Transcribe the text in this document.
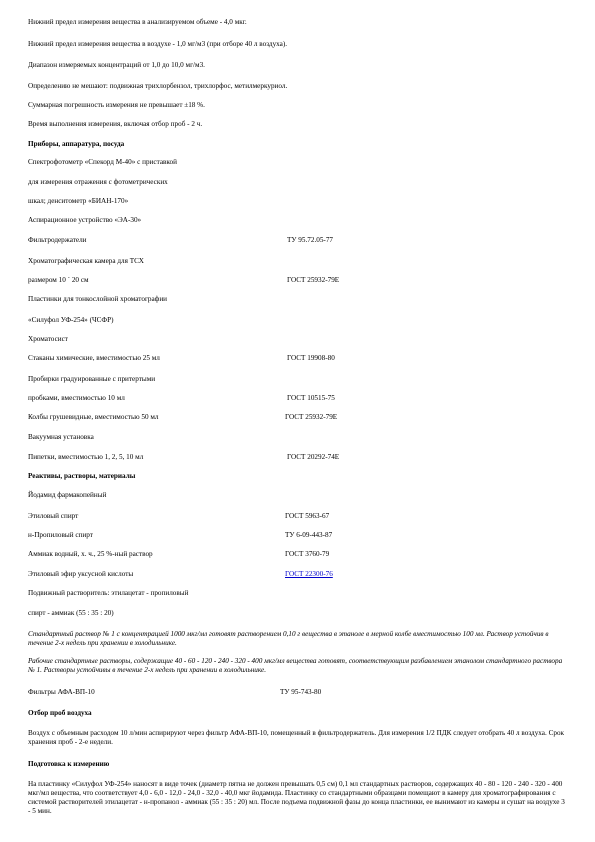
Нижний предел измерения вещества в анализируемом объеме - 4,0 мкг.
Нижний предел измерения вещества в воздухе - 1,0 мг/м3 (при отборе 40 л воздуха).
Диапазон измеряемых концентраций от 1,0 до 10,0 мг/м3.
Определению не мешают: подвижная трихлорбензол, трихлорфос, метилмеркуриол.
Суммарная погрешность измерения не превышает ±18 %.
Время выполнения измерения, включая отбор проб - 2 ч.
Приборы, аппаратура, посуда
Спектрофотометр «Спекорд М-40» с приставкой
для измерения отражения с фотометрических
шкал; денситометр «БИАН-170»
Аспирационное устройство «ЭА-30»
Фильтродержатели	ТУ 95.72.05-77
Хроматографическая камера для ТСХ
размером 10 ´ 20 см	ГОСТ 25932-79Е
Пластинки для тонкослойной хроматографии
«Силуфол УФ-254» (ЧСФР)
Хроматосист
Стаканы химические, вместимостью 25 мл	ГОСТ 19908-80
Пробирки градуированные с притертыми
пробками, вместимостью 10 мл	ГОСТ 10515-75
Колбы грушевидные, вместимостью 50 мл	ГОСТ 25932-79Е
Вакуумная установка
Пипетки, вместимостью 1, 2, 5, 10 мл	ГОСТ 20292-74Е
Реактивы, растворы, материалы
Йодамид фармакопейный
Этиловый спирт	ГОСТ 5963-67
н-Пропиловый спирт	ТУ 6-09-443-87
Аммиак водный, х. ч., 25 %-ный раствор	ГОСТ 3760-79
Этиловый эфир уксусной кислоты	ГОСТ 22300-76
Подвижный растворитель: этилацетат - пропиловый
спирт - аммиак (55 : 35 : 20)
Стандартный раствор № 1 с концентрацией 1000 мкг/мл готовят растворением 0,10 г вещества в этаноле в мерной колбе вместимостью 100 мл. Раствор устойчив в течение 2-х недель при хранении в холодильнике.
Рабочие стандартные растворы, содержащие 40 - 60 - 120 - 240 - 320 - 400 мкг/мл вещества готовят, соответствующим разбавлением этанолом стандартного раствора № 1. Растворы устойчивы в течение 2-х недель при хранении в холодильнике.
Фильтры АФА-ВП-10	ТУ 95-743-80
Отбор проб воздуха
Воздух с объемным расходом 10 л/мин аспирируют через фильтр АФА-ВП-10, помещенный в фильтродержатель. Для измерения 1/2 ПДК следует отобрать 40 л воздуха. Срок хранения проб - 2-е недели.
Подготовка к измерению
На пластинку «Силуфол УФ-254» наносят в виде точек (диаметр пятна не должен превышать 0,5 см) 0,1 мл стандартных растворов, содержащих 40 - 80 - 120 - 240 - 320 - 400 мкг/мл вещества, что соответствует 4,0 - 6,0 - 12,0 - 24,0 - 32,0 - 40,0 мкг йодамида. Пластинку со стандартными образцами помещают в камеру для хроматографирования с системой растворителей этилацетат - н-пропанол - аммиак (55 : 35 : 20) мл. После подъема подвижной фазы до конца пластинки, ее вынимают из камеры и сушат на воздухе 3 - 5 мин.
